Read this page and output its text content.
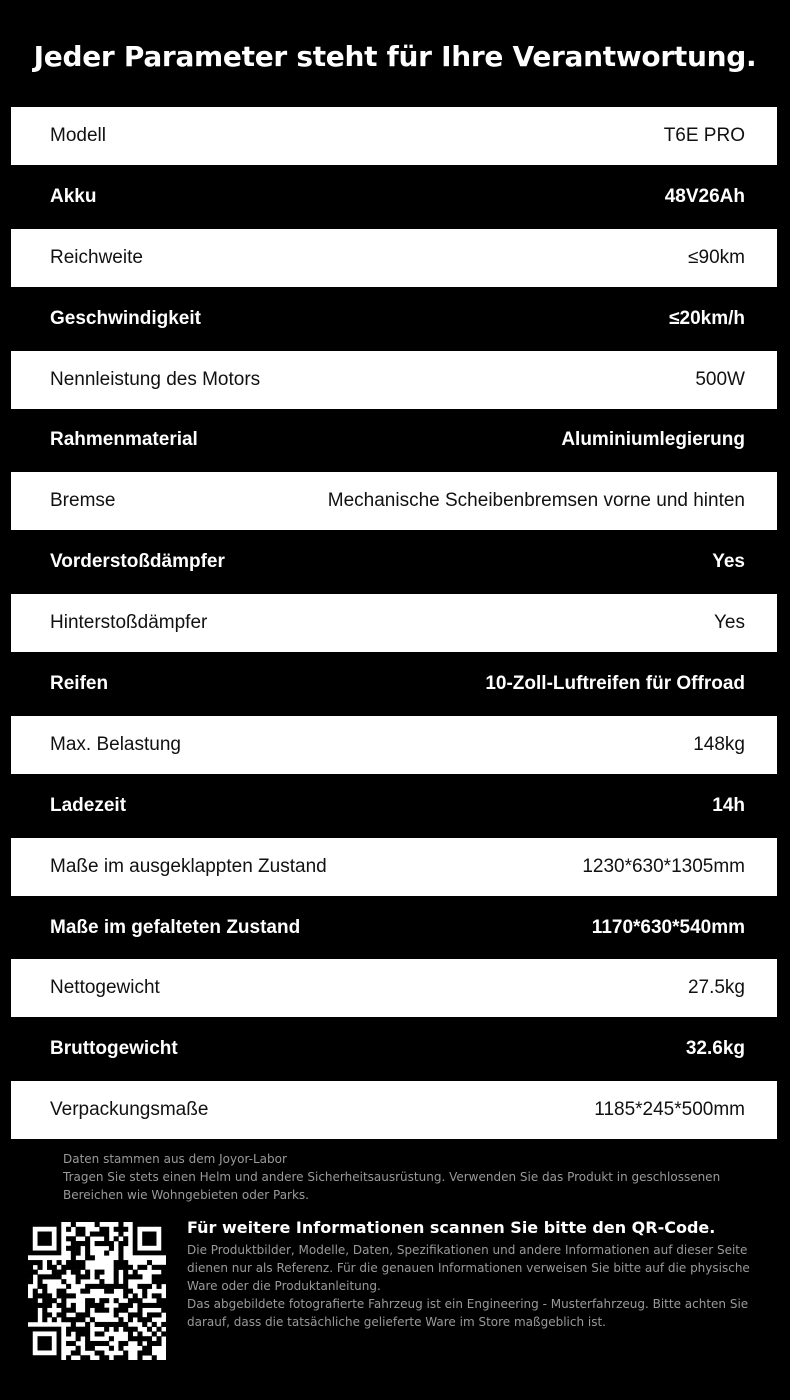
Jeder Parameter steht für Ihre Verantwortung.
Modell	T6E PRO
Akku	48V26Ah
Reichweite	≤90km
Geschwindigkeit	≤20km/h
Nennleistung des Motors	500W
Rahmenmaterial	Aluminiumlegierung
Bremse	Mechanische Scheibenbremsen vorne und hinten
Vorderstoßdämpfer	Yes
Hinterstoßdämpfer	Yes
Reifen	10-Zoll-Luftreifen für Offroad
Max. Belastung	148kg
Ladezeit	14h
Maße im ausgeklappten Zustand	1230*630*1305mm
Maße im gefalteten Zustand	1170*630*540mm
Nettogewicht	27.5kg
Bruttogewicht	32.6kg
Verpackungsmaße	1185*245*500mm
Daten stammen aus dem Joyor-Labor
Tragen Sie stets einen Helm und andere Sicherheitsausrüstung. Verwenden Sie das Produkt in geschlossenen Bereichen wie Wohngebieten oder Parks.
Für weitere Informationen scannen Sie bitte den QR-Code.
Die Produktbilder, Modelle, Daten, Spezifikationen und andere Informationen auf dieser Seite dienen nur als Referenz. Für die genauen Informationen verweisen Sie bitte auf die physische Ware oder die Produktanleitung.
Das abgebildete fotografierte Fahrzeug ist ein Engineering - Musterfahrzeug. Bitte achten Sie darauf, dass die tatsächliche gelieferte Ware im Store maßgeblich ist.
